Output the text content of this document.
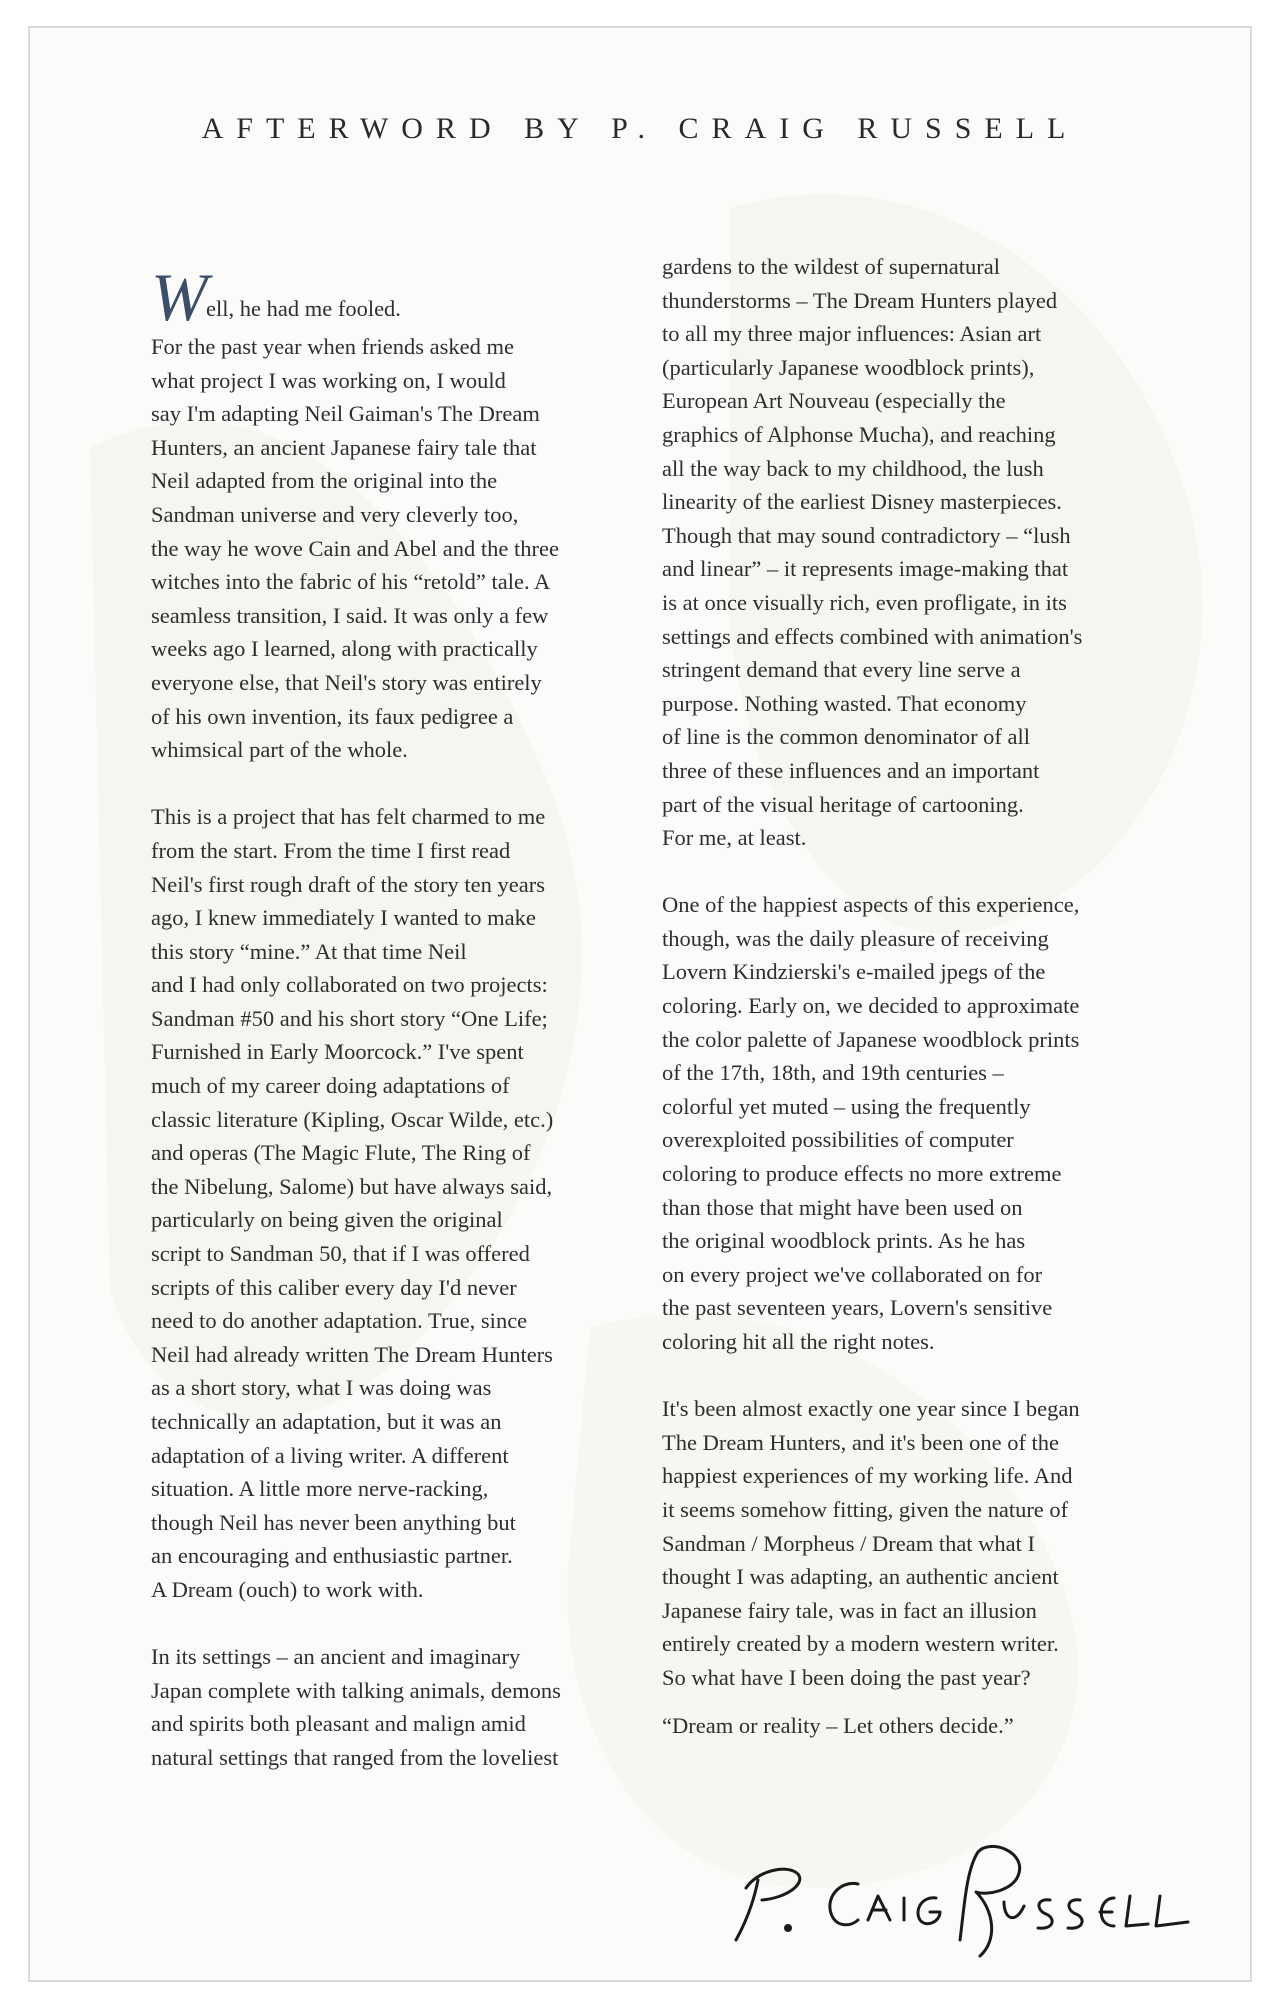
AFTERWORD BY P. CRAIG RUSSELL
W
ell, he had me fooled.

For the past year when friends asked me
what project I was working on, I would
say I'm adapting Neil Gaiman's The Dream
Hunters, an ancient Japanese fairy tale that
Neil adapted from the original into the
Sandman universe and very cleverly too,
the way he wove Cain and Abel and the three
witches into the fabric of his “retold” tale. A
seamless transition, I said. It was only a few
weeks ago I learned, along with practically
everyone else, that Neil's story was entirely
of his own invention, its faux pedigree a
whimsical part of the whole.

This is a project that has felt charmed to me
from the start. From the time I first read
Neil's first rough draft of the story ten years
ago, I knew immediately I wanted to make
this story “mine.” At that time Neil
and I had only collaborated on two projects:
Sandman #50 and his short story “One Life;
Furnished in Early Moorcock.” I've spent
much of my career doing adaptations of
classic literature (Kipling, Oscar Wilde, etc.)
and operas (The Magic Flute, The Ring of
the Nibelung, Salome) but have always said,
particularly on being given the original
script to Sandman 50, that if I was offered
scripts of this caliber every day I'd never
need to do another adaptation. True, since
Neil had already written The Dream Hunters
as a short story, what I was doing was
technically an adaptation, but it was an
adaptation of a living writer. A different
situation. A little more nerve-racking,
though Neil has never been anything but
an encouraging and enthusiastic partner.
A Dream (ouch) to work with.

In its settings – an ancient and imaginary
Japan complete with talking animals, demons
and spirits both pleasant and malign amid
natural settings that ranged from the loveliest

gardens to the wildest of supernatural
thunderstorms – The Dream Hunters played
to all my three major influences: Asian art
(particularly Japanese woodblock prints),
European Art Nouveau (especially the
graphics of Alphonse Mucha), and reaching
all the way back to my childhood, the lush
linearity of the earliest Disney masterpieces.
Though that may sound contradictory – “lush
and linear” – it represents image-making that
is at once visually rich, even profligate, in its
settings and effects combined with animation's
stringent demand that every line serve a
purpose. Nothing wasted. That economy
of line is the common denominator of all
three of these influences and an important
part of the visual heritage of cartooning.
For me, at least.

One of the happiest aspects of this experience,
though, was the daily pleasure of receiving
Lovern Kindzierski's e-mailed jpegs of the
coloring. Early on, we decided to approximate
the color palette of Japanese woodblock prints
of the 17th, 18th, and 19th centuries –
colorful yet muted – using the frequently
overexploited possibilities of computer
coloring to produce effects no more extreme
than those that might have been used on
the original woodblock prints. As he has
on every project we've collaborated on for
the past seventeen years, Lovern's sensitive
coloring hit all the right notes.

It's been almost exactly one year since I began
The Dream Hunters, and it's been one of the
happiest experiences of my working life. And
it seems somehow fitting, given the nature of
Sandman / Morpheus / Dream that what I
thought I was adapting, an authentic ancient
Japanese fairy tale, was in fact an illusion
entirely created by a modern western writer.
So what have I been doing the past year?

“Dream or reality – Let others decide.”

P. Craig Russell
